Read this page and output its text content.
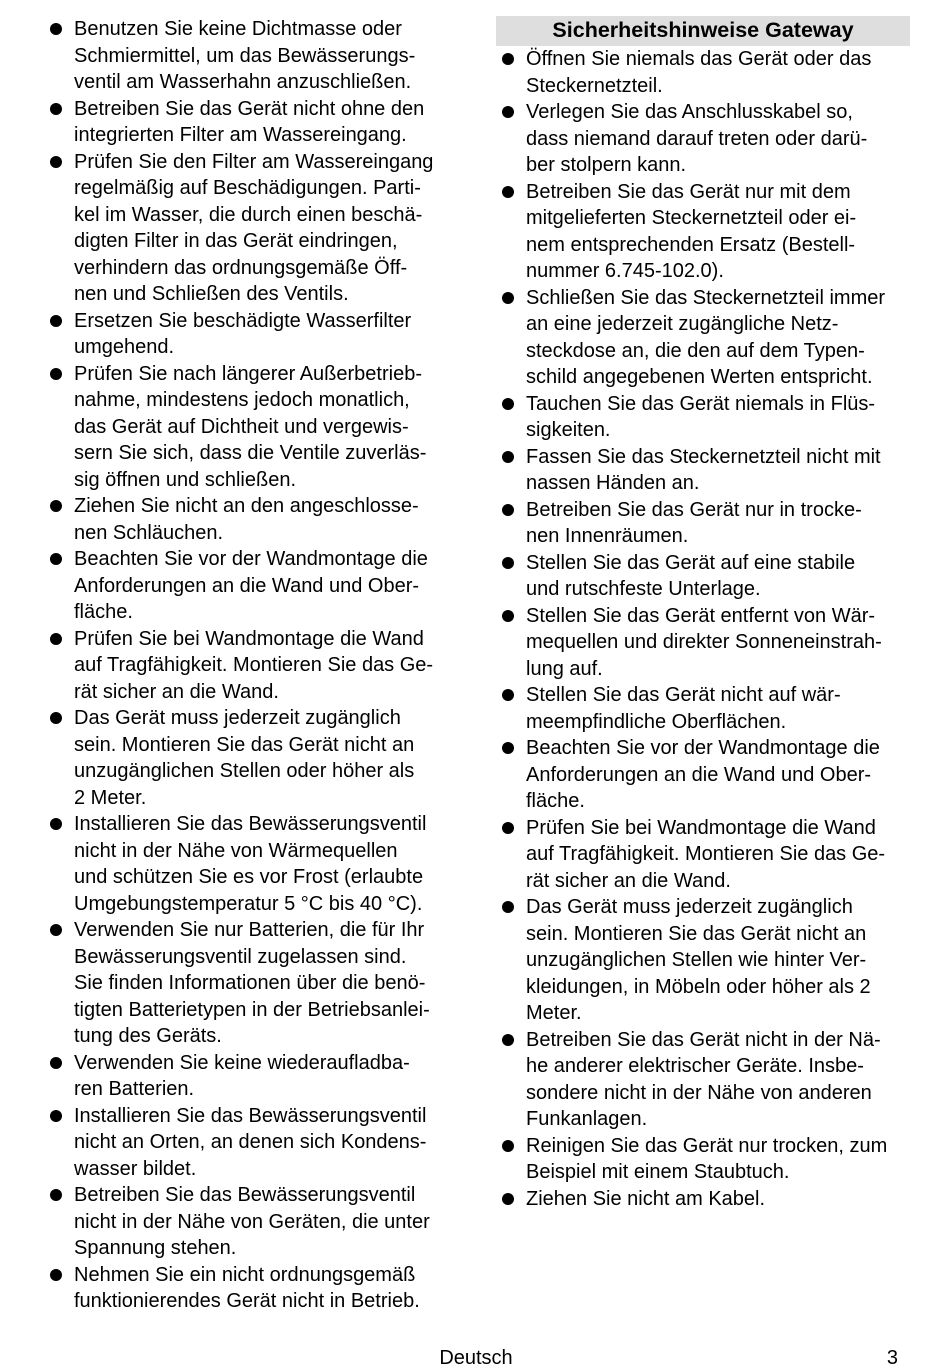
Benutzen Sie keine Dichtmasse oder
Schmiermittel, um das Bewässerungs-
ventil am Wasserhahn anzuschließen.
Betreiben Sie das Gerät nicht ohne den
integrierten Filter am Wassereingang.
Prüfen Sie den Filter am Wassereingang
regelmäßig auf Beschädigungen. Parti-
kel im Wasser, die durch einen beschä-
digten Filter in das Gerät eindringen,
verhindern das ordnungsgemäße Öff-
nen und Schließen des Ventils.
Ersetzen Sie beschädigte Wasserfilter
umgehend.
Prüfen Sie nach längerer Außerbetrieb-
nahme, mindestens jedoch monatlich,
das Gerät auf Dichtheit und vergewis-
sern Sie sich, dass die Ventile zuverläs-
sig öffnen und schließen.
Ziehen Sie nicht an den angeschlosse-
nen Schläuchen.
Beachten Sie vor der Wandmontage die
Anforderungen an die Wand und Ober-
fläche.
Prüfen Sie bei Wandmontage die Wand
auf Tragfähigkeit. Montieren Sie das Ge-
rät sicher an die Wand.
Das Gerät muss jederzeit zugänglich
sein. Montieren Sie das Gerät nicht an
unzugänglichen Stellen oder höher als
2 Meter.
Installieren Sie das Bewässerungsventil
nicht in der Nähe von Wärmequellen
und schützen Sie es vor Frost (erlaubte
Umgebungstemperatur 5 °C bis 40 °C).
Verwenden Sie nur Batterien, die für Ihr
Bewässerungsventil zugelassen sind.
Sie finden Informationen über die benö-
tigten Batterietypen in der Betriebsanlei-
tung des Geräts.
Verwenden Sie keine wiederaufladba-
ren Batterien.
Installieren Sie das Bewässerungsventil
nicht an Orten, an denen sich Kondens-
wasser bildet.
Betreiben Sie das Bewässerungsventil
nicht in der Nähe von Geräten, die unter
Spannung stehen.
Nehmen Sie ein nicht ordnungsgemäß
funktionierendes Gerät nicht in Betrieb.
Sicherheitshinweise Gateway
Öffnen Sie niemals das Gerät oder das
Steckernetzteil.
Verlegen Sie das Anschlusskabel so,
dass niemand darauf treten oder darü-
ber stolpern kann.
Betreiben Sie das Gerät nur mit dem
mitgelieferten Steckernetzteil oder ei-
nem entsprechenden Ersatz (Bestell-
nummer 6.745-102.0).
Schließen Sie das Steckernetzteil immer
an eine jederzeit zugängliche Netz-
steckdose an, die den auf dem Typen-
schild angegebenen Werten entspricht.
Tauchen Sie das Gerät niemals in Flüs-
sigkeiten.
Fassen Sie das Steckernetzteil nicht mit
nassen Händen an.
Betreiben Sie das Gerät nur in trocke-
nen Innenräumen.
Stellen Sie das Gerät auf eine stabile
und rutschfeste Unterlage.
Stellen Sie das Gerät entfernt von Wär-
mequellen und direkter Sonneneinstrah-
lung auf.
Stellen Sie das Gerät nicht auf wär-
meempfindliche Oberflächen.
Beachten Sie vor der Wandmontage die
Anforderungen an die Wand und Ober-
fläche.
Prüfen Sie bei Wandmontage die Wand
auf Tragfähigkeit. Montieren Sie das Ge-
rät sicher an die Wand.
Das Gerät muss jederzeit zugänglich
sein. Montieren Sie das Gerät nicht an
unzugänglichen Stellen wie hinter Ver-
kleidungen, in Möbeln oder höher als 2
Meter.
Betreiben Sie das Gerät nicht in der Nä-
he anderer elektrischer Geräte. Insbe-
sondere nicht in der Nähe von anderen
Funkanlagen.
Reinigen Sie das Gerät nur trocken, zum
Beispiel mit einem Staubtuch.
Ziehen Sie nicht am Kabel.
Deutsch	3
